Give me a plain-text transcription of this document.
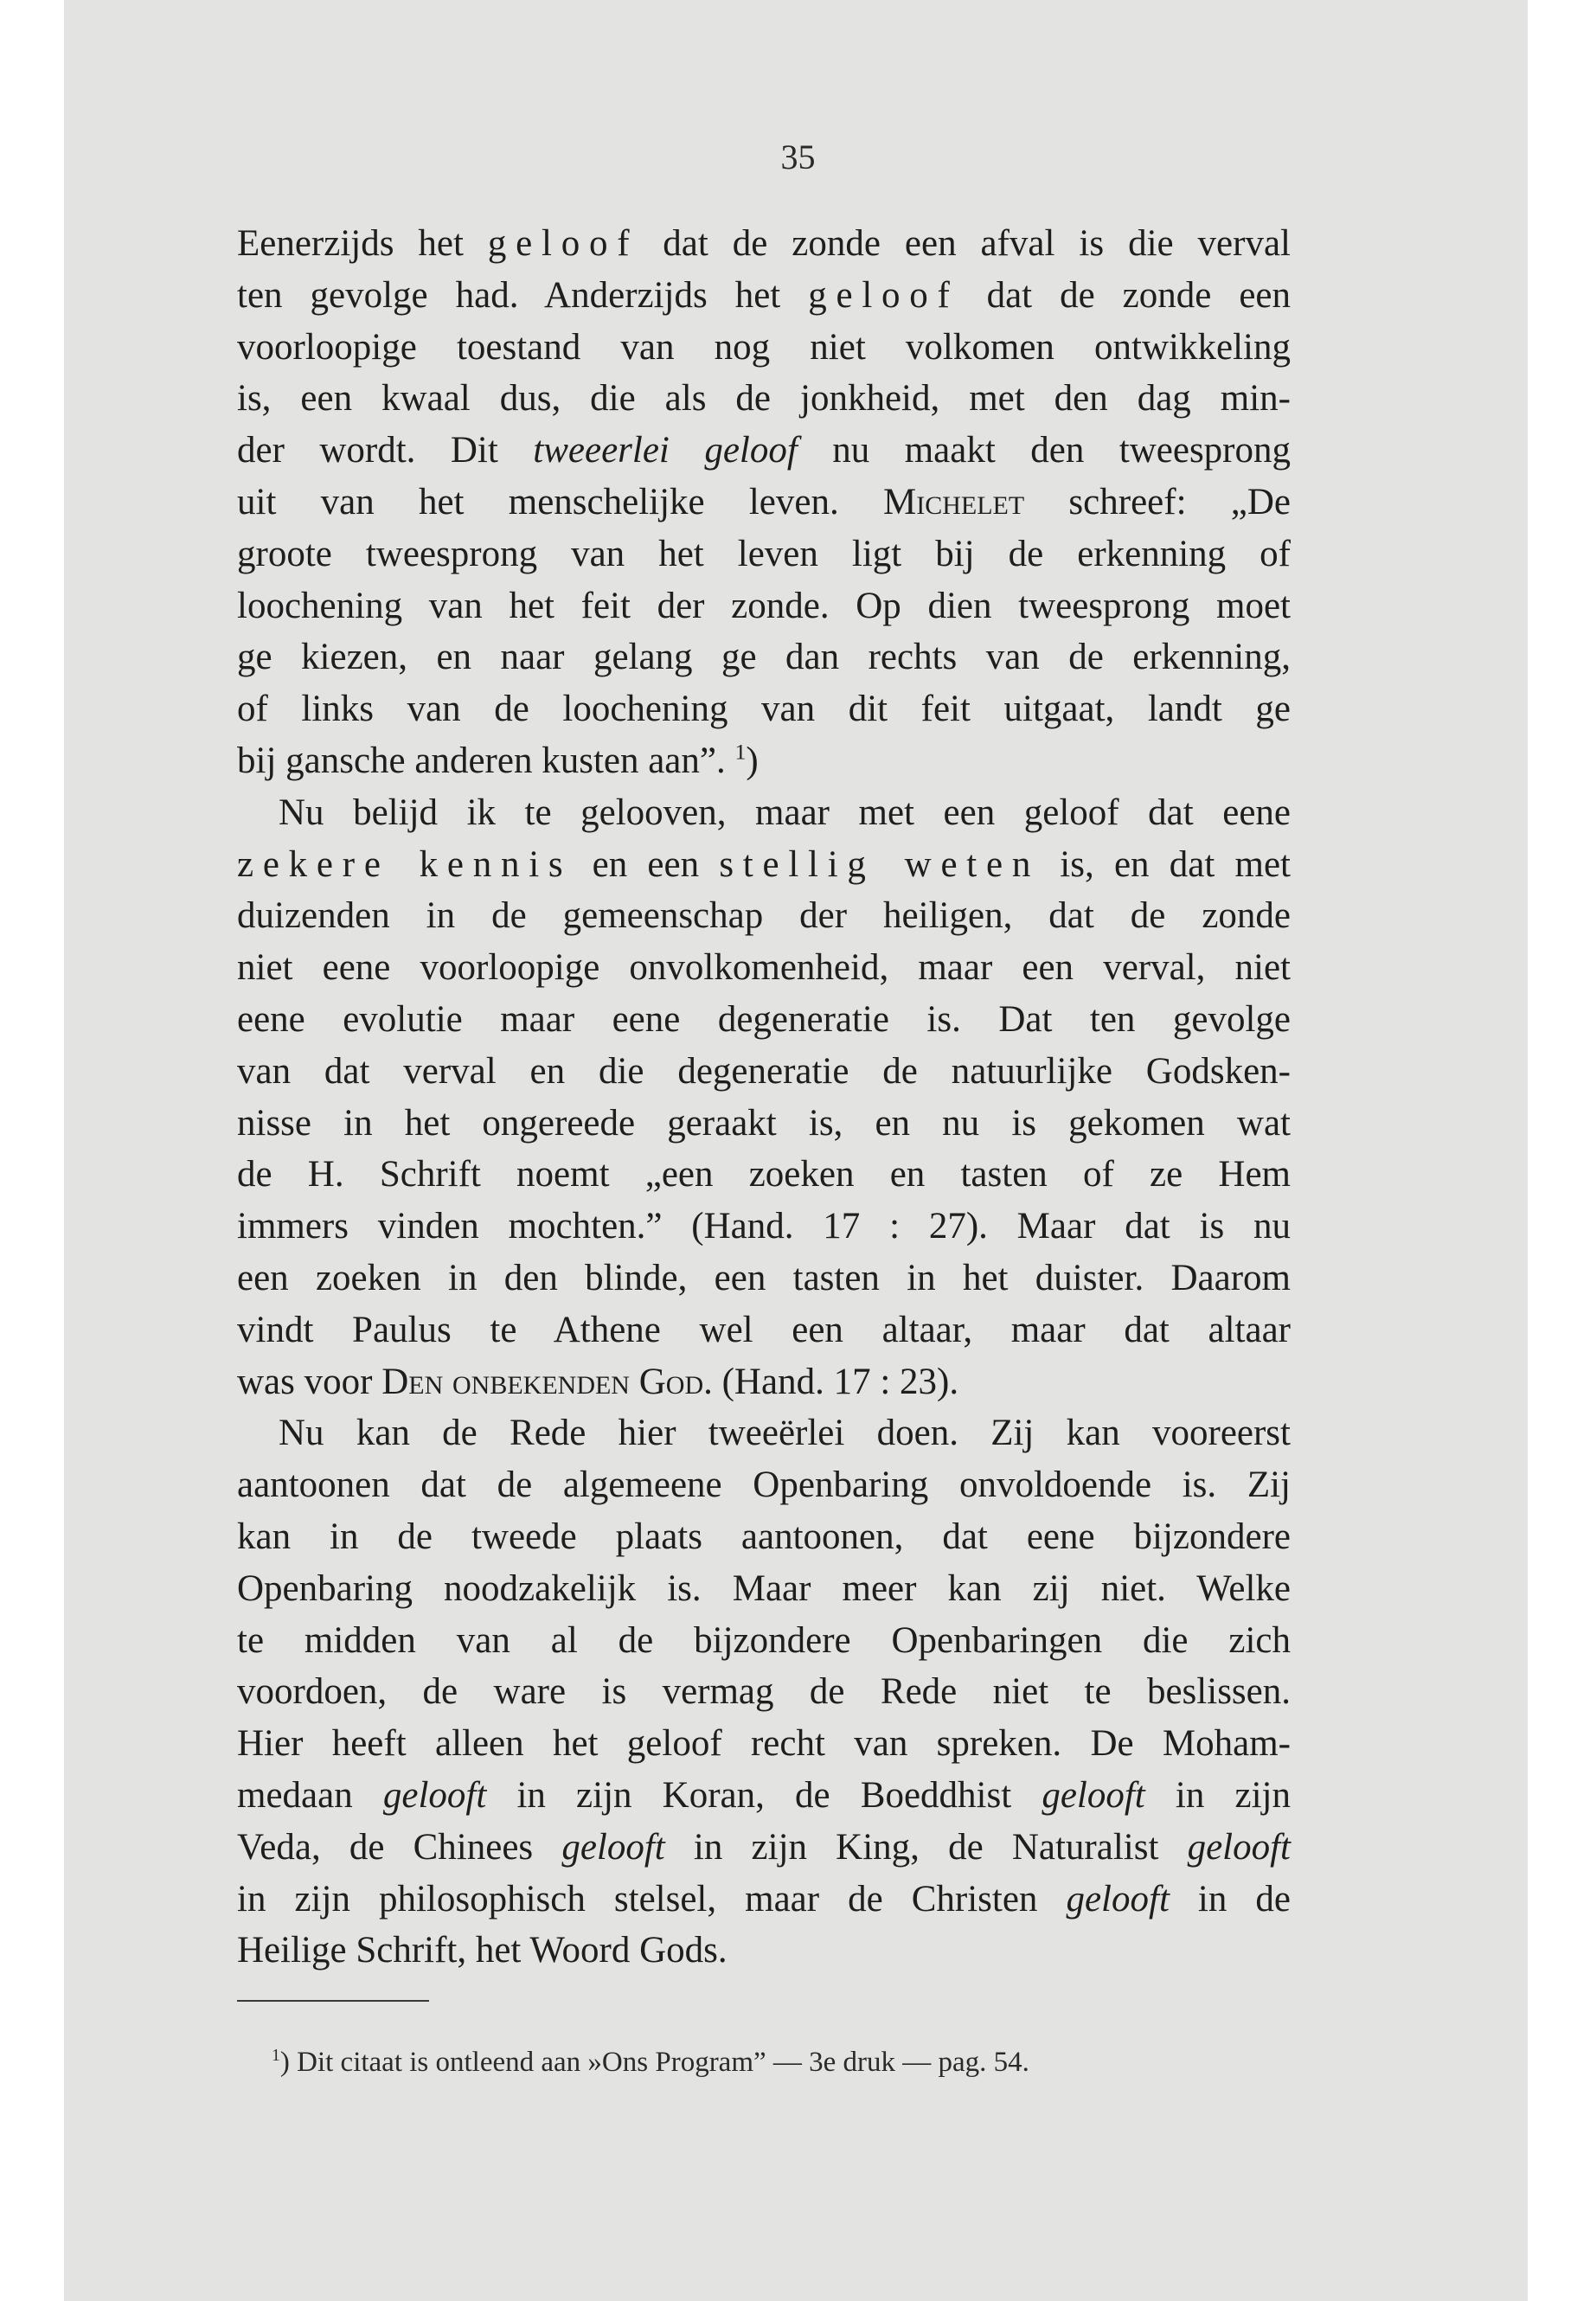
35

Eenerzijds het geloof dat de zonde een afval is die verval
ten gevolge had. Anderzijds het geloof dat de zonde een
voorloopige toestand van nog niet volkomen ontwikkeling
is, een kwaal dus, die als de jonkheid, met den dag min-
der wordt. Dit tweeerlei geloof nu maakt den tweesprong
uit van het menschelijke leven. Michelet schreef: „De
groote tweesprong van het leven ligt bij de erkenning of
loochening van het feit der zonde. Op dien tweesprong moet
ge kiezen, en naar gelang ge dan rechts van de erkenning,
of links van de loochening van dit feit uitgaat, landt ge
bij gansche anderen kusten aan”. $^1$)

Nu belijd ik te gelooven, maar met een geloof dat eene
zekere kennis en een stellig weten is, en dat met
duizenden in de gemeenschap der heiligen, dat de zonde
niet eene voorloopige onvolkomenheid, maar een verval, niet
eene evolutie maar eene degeneratie is. Dat ten gevolge
van dat verval en die degeneratie de natuurlijke Godsken-
nisse in het ongereede geraakt is, en nu is gekomen wat
de H. Schrift noemt „een zoeken en tasten of ze Hem
immers vinden mochten.” (Hand. 17 : 27). Maar dat is nu
een zoeken in den blinde, een tasten in het duister. Daarom
vindt Paulus te Athene wel een altaar, maar dat altaar
was voor Den onbekenden God. (Hand. 17 : 23).

Nu kan de Rede hier tweeërlei doen. Zij kan vooreerst
aantoonen dat de algemeene Openbaring onvoldoende is. Zij
kan in de tweede plaats aantoonen, dat eene bijzondere
Openbaring noodzakelijk is. Maar meer kan zij niet. Welke
te midden van al de bijzondere Openbaringen die zich
voordoen, de ware is vermag de Rede niet te beslissen.
Hier heeft alleen het geloof recht van spreken. De Moham-
medaan gelooft in zijn Koran, de Boeddhist gelooft in zijn
Veda, de Chinees gelooft in zijn King, de Naturalist gelooft
in zijn philosophisch stelsel, maar de Christen gelooft in de
Heilige Schrift, het Woord Gods.

$^1$) Dit citaat is ontleend aan »Ons Program” — 3e druk — pag. 54.
